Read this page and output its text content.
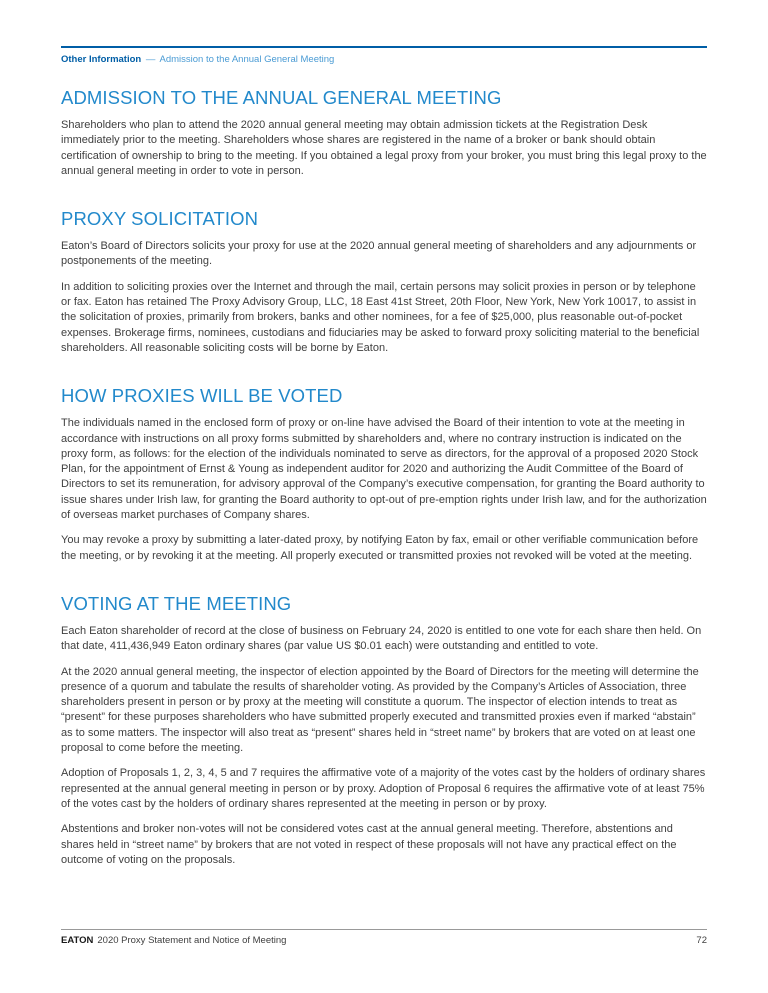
Other Information — Admission to the Annual General Meeting
ADMISSION TO THE ANNUAL GENERAL MEETING

Shareholders who plan to attend the 2020 annual general meeting may obtain admission tickets at the Registration Desk immediately prior to the meeting. Shareholders whose shares are registered in the name of a broker or bank should obtain certification of ownership to bring to the meeting. If you obtained a legal proxy from your broker, you must bring this legal proxy to the annual general meeting in order to vote in person.

PROXY SOLICITATION

Eaton’s Board of Directors solicits your proxy for use at the 2020 annual general meeting of shareholders and any adjournments or postponements of the meeting.

In addition to soliciting proxies over the Internet and through the mail, certain persons may solicit proxies in person or by telephone or fax. Eaton has retained The Proxy Advisory Group, LLC, 18 East 41st Street, 20th Floor, New York, New York 10017, to assist in the solicitation of proxies, primarily from brokers, banks and other nominees, for a fee of $25,000, plus reasonable out-of-pocket expenses. Brokerage firms, nominees, custodians and fiduciaries may be asked to forward proxy soliciting material to the beneficial shareholders. All reasonable soliciting costs will be borne by Eaton.

HOW PROXIES WILL BE VOTED

The individuals named in the enclosed form of proxy or on-line have advised the Board of their intention to vote at the meeting in accordance with instructions on all proxy forms submitted by shareholders and, where no contrary instruction is indicated on the proxy form, as follows: for the election of the individuals nominated to serve as directors, for the approval of a proposed 2020 Stock Plan, for the appointment of Ernst & Young as independent auditor for 2020 and authorizing the Audit Committee of the Board of Directors to set its remuneration, for advisory approval of the Company’s executive compensation, for granting the Board authority to issue shares under Irish law, for granting the Board authority to opt-out of pre-emption rights under Irish law, and for the authorization of overseas market purchases of Company shares.

You may revoke a proxy by submitting a later-dated proxy, by notifying Eaton by fax, email or other verifiable communication before the meeting, or by revoking it at the meeting. All properly executed or transmitted proxies not revoked will be voted at the meeting.

VOTING AT THE MEETING

Each Eaton shareholder of record at the close of business on February 24, 2020 is entitled to one vote for each share then held. On that date, 411,436,949 Eaton ordinary shares (par value US $0.01 each) were outstanding and entitled to vote.

At the 2020 annual general meeting, the inspector of election appointed by the Board of Directors for the meeting will determine the presence of a quorum and tabulate the results of shareholder voting. As provided by the Company’s Articles of Association, three shareholders present in person or by proxy at the meeting will constitute a quorum. The inspector of election intends to treat as “present” for these purposes shareholders who have submitted properly executed and transmitted proxies even if marked “abstain” as to some matters. The inspector will also treat as “present” shares held in “street name” by brokers that are voted on at least one proposal to come before the meeting.

Adoption of Proposals 1, 2, 3, 4, 5 and 7 requires the affirmative vote of a majority of the votes cast by the holders of ordinary shares represented at the annual general meeting in person or by proxy. Adoption of Proposal 6 requires the affirmative vote of at least 75% of the votes cast by the holders of ordinary shares represented at the meeting in person or by proxy.

Abstentions and broker non-votes will not be considered votes cast at the annual general meeting. Therefore, abstentions and shares held in “street name” by brokers that are not voted in respect of these proposals will not have any practical effect on the outcome of voting on the proposals.

EATON 2020 Proxy Statement and Notice of Meeting	72
